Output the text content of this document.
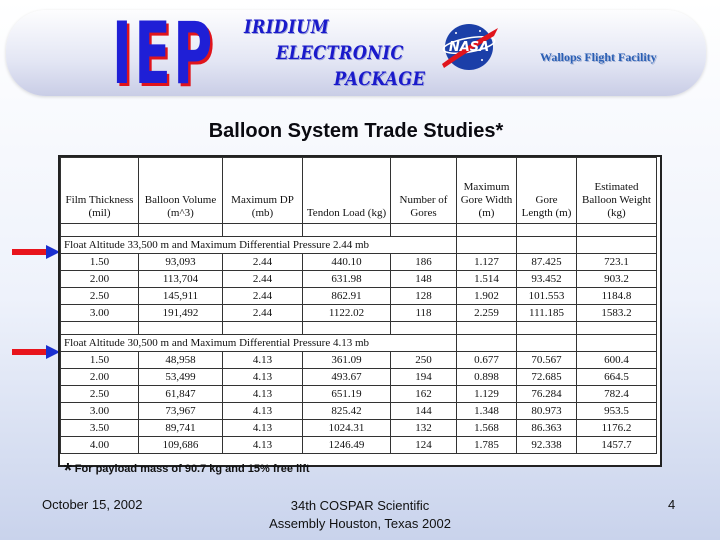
IEP IRIDIUM
ELECTRONIC
PACKAGE
NASA
Wallops Flight Facility
Balloon System Trade Studies*
Film Thickness (mil)	Balloon Volume (m^3)	Maximum DP (mb)	Tendon Load (kg)	Number of Gores	Maximum Gore Width (m)	Gore Length (m)	Estimated Balloon Weight (kg)

Float Altitude 33,500 m and Maximum Differential Pressure 2.44 mb							
1.50	93,093	2.44	440.10	186	1.127	87.425	723.1
2.00	113,704	2.44	631.98	148	1.514	93.452	903.2
2.50	145,911	2.44	862.91	128	1.902	101.553	1184.8
3.00	191,492	2.44	1122.02	118	2.259	111.185	1583.2

Float Altitude 30,500 m and Maximum Differential Pressure 4.13 mb							
1.50	48,958	4.13	361.09	250	0.677	70.567	600.4
2.00	53,499	4.13	493.67	194	0.898	72.685	664.5
2.50	61,847	4.13	651.19	162	1.129	76.284	782.4
3.00	73,967	4.13	825.42	144	1.348	80.973	953.5
3.50	89,741	4.13	1024.31	132	1.568	86.363	1176.2
4.00	109,686	4.13	1246.49	124	1.785	92.338	1457.7
* For payload mass of 90.7 kg and 15% free lift
October 15, 2002	34th COSPAR Scientific
Assembly Houston, Texas 2002
4
